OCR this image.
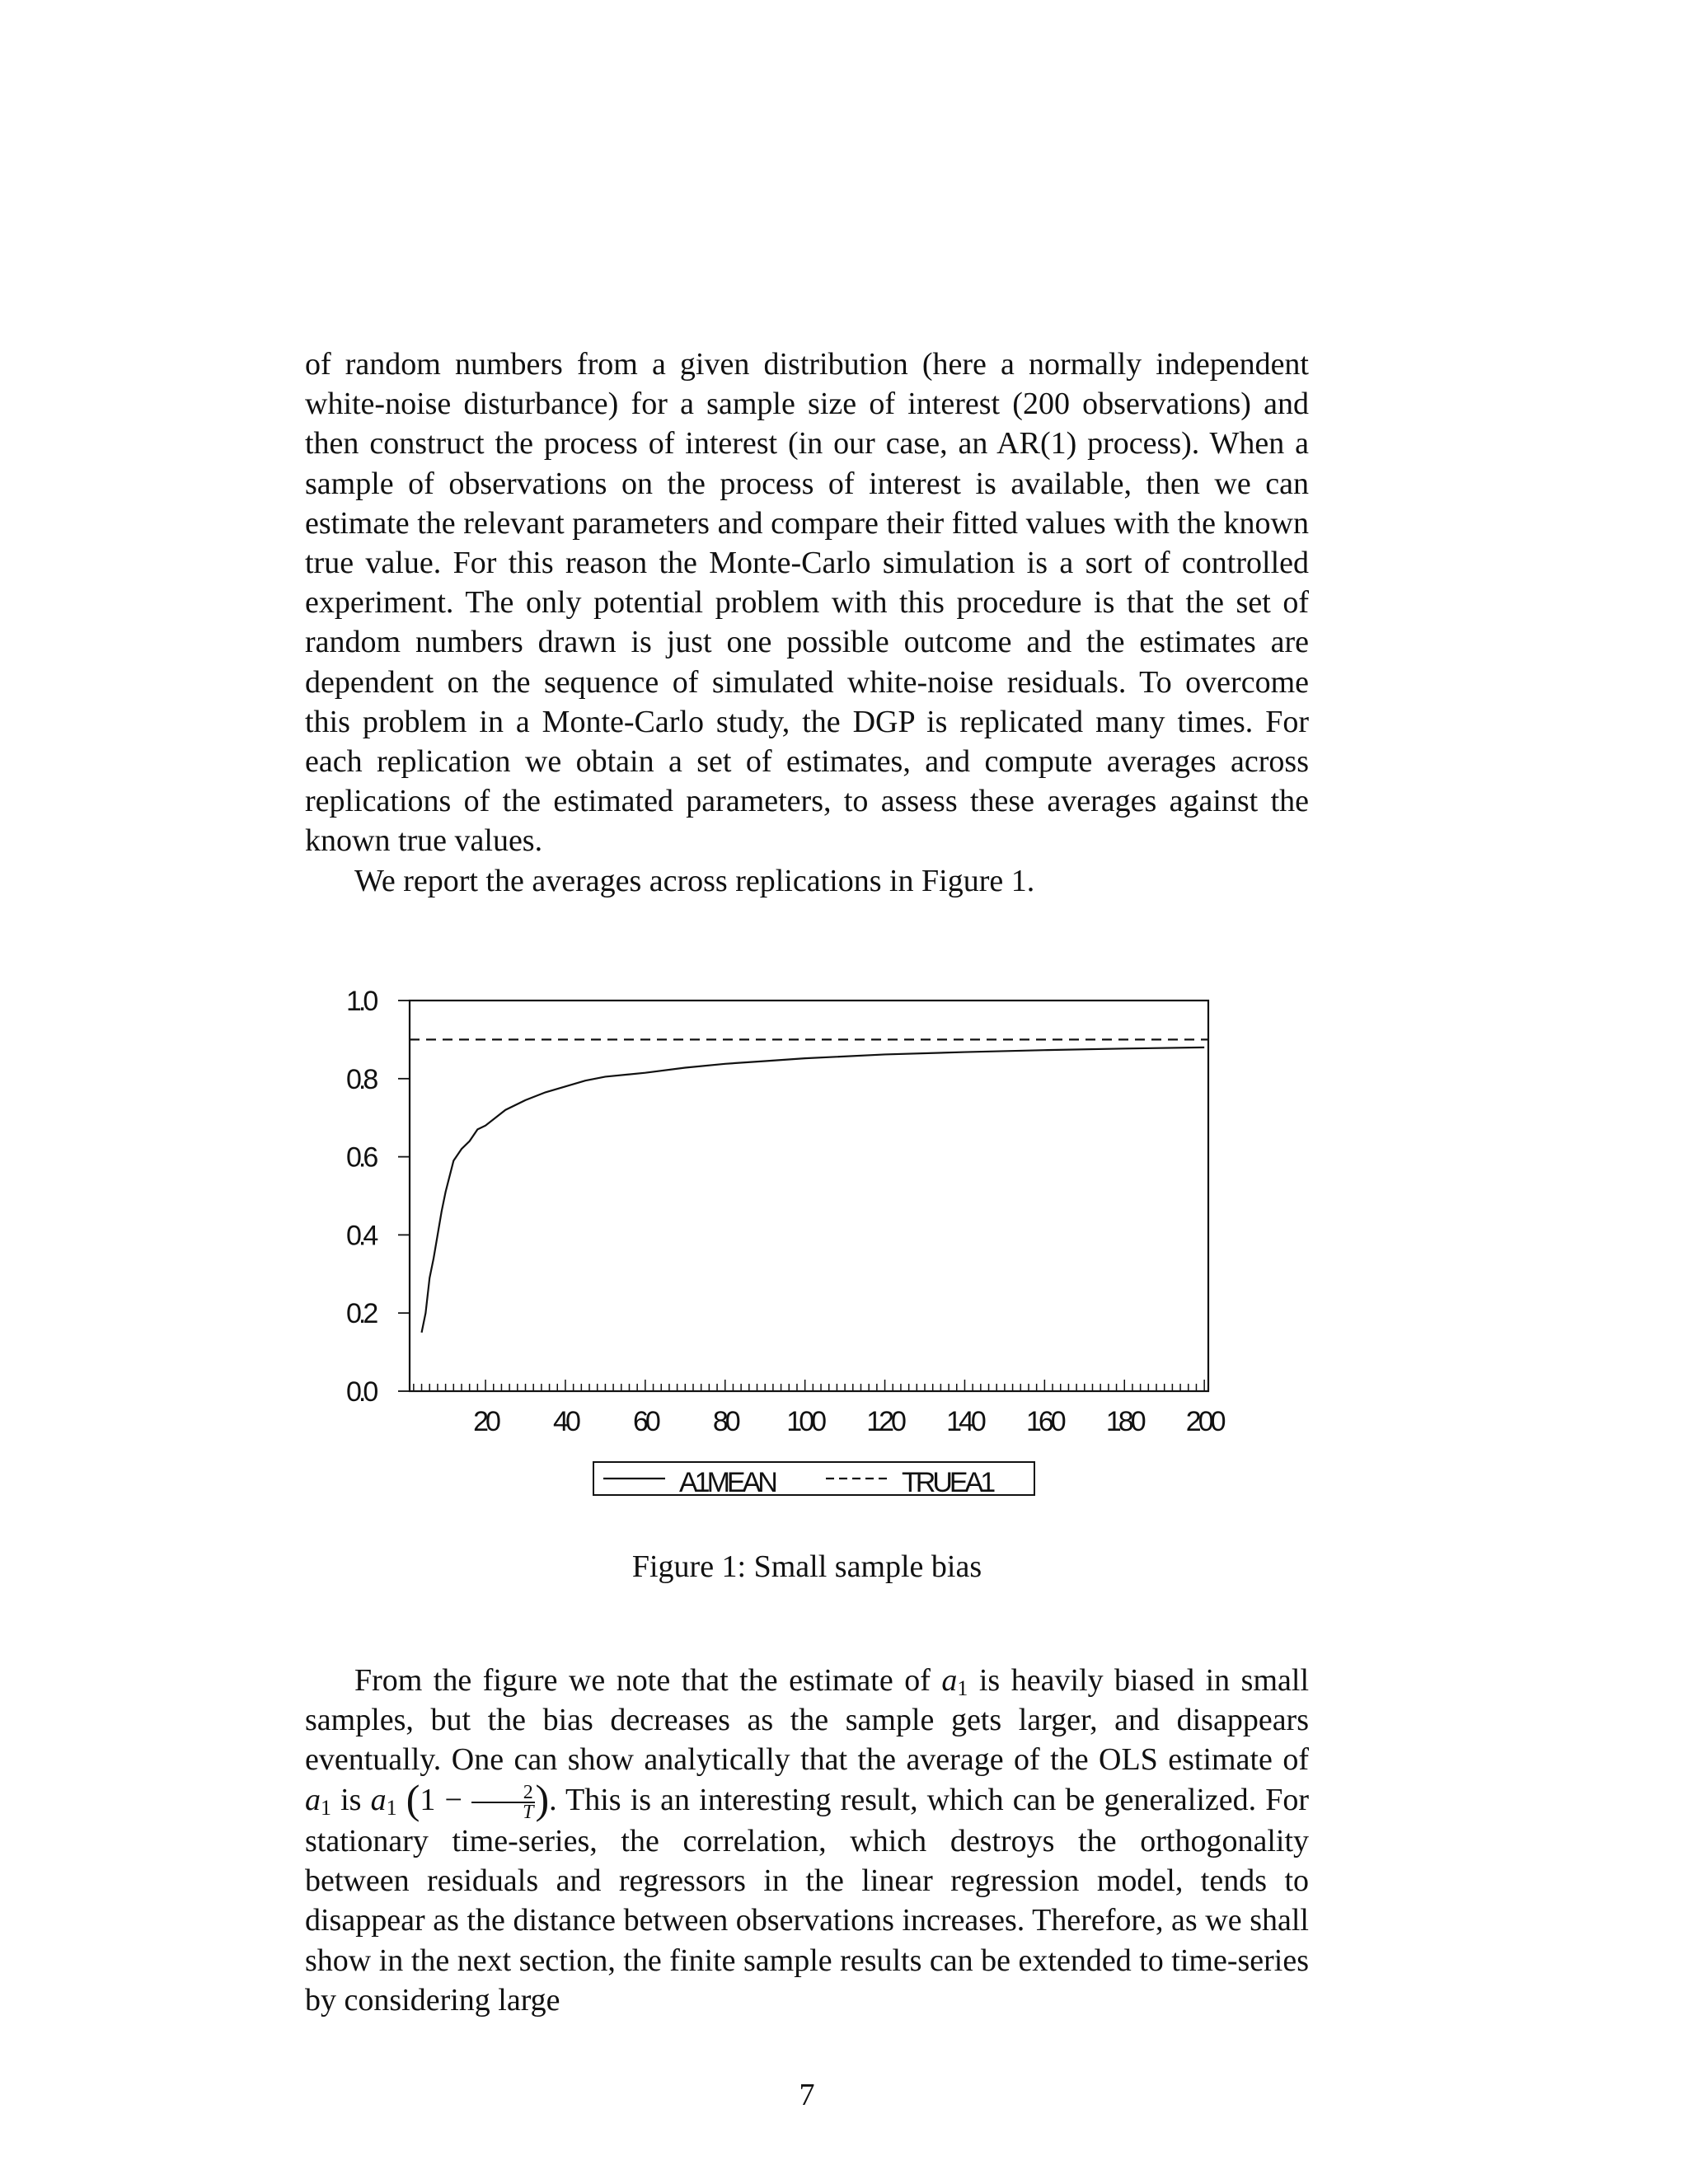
of random numbers from a given distribution (here a normally independent white-noise disturbance) for a sample size of interest (200 observations) and then construct the process of interest (in our case, an AR(1) process). When a sample of observations on the process of interest is available, then we can estimate the relevant parameters and compare their fitted values with the known true value. For this reason the Monte-Carlo simulation is a sort of controlled experiment. The only potential problem with this procedure is that the set of random numbers drawn is just one possible outcome and the estimates are dependent on the sequence of simulated white-noise residuals. To overcome this problem in a Monte-Carlo study, the DGP is replicated many times. For each replication we obtain a set of estimates, and compute averages across replications of the estimated parameters, to assess these averages against the known true values.

We report the averages across replications in Figure 1.

0.0
0.2
0.4
0.6
0.8
1.0
20 40 60 80 100 120 140 160 180 200
A1MEAN	TRUEA1
Figure 1: Small sample bias

From the figure we note that the estimate of $a_1$ is heavily biased in small samples, but the bias decreases as the sample gets larger, and disappears eventually. One can show analytically that the average of the OLS estimate of $a_1$ is $a_1$ ($1 - \frac{2}{T}$ ). This is an interesting result, which can be generalized. For stationary time-series, the correlation, which destroys the orthogonality between residuals and regressors in the linear regression model, tends to disappear as the distance between observations increases. Therefore, as we shall show in the next section, the finite sample results can be extended to time-series by considering large

7
